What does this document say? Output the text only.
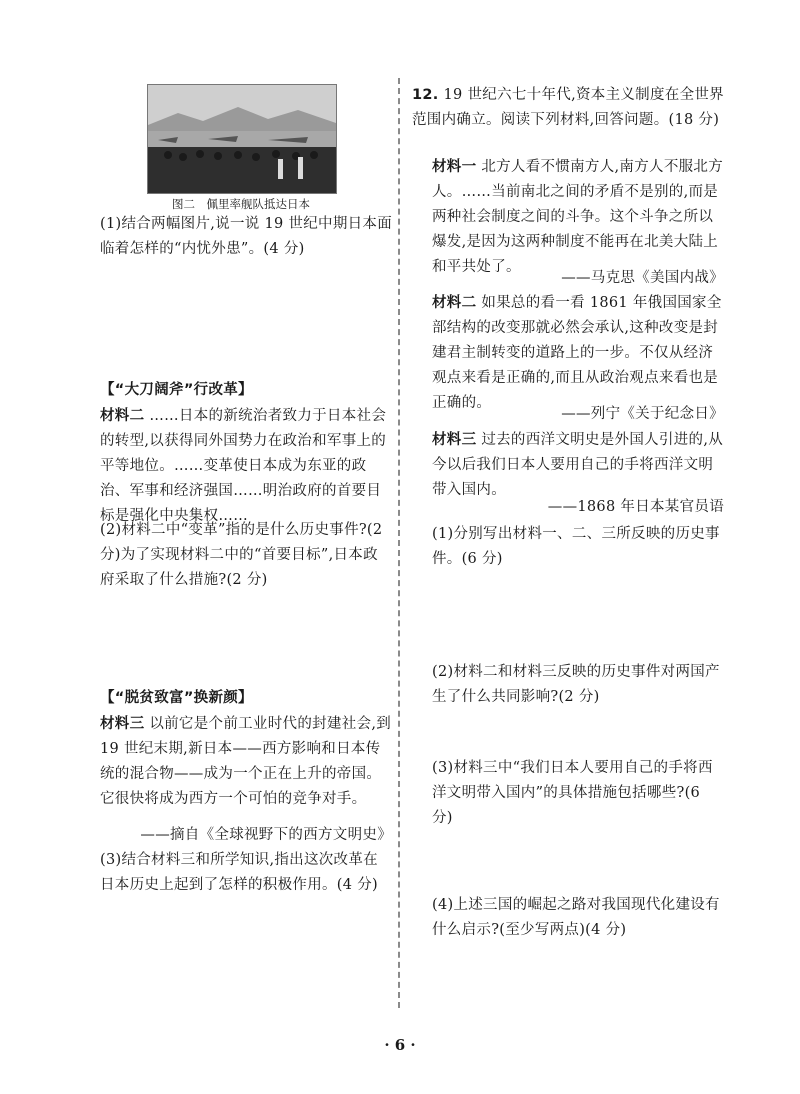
图二　佩里率舰队抵达日本
(1)结合两幅图片,说一说 19 世纪中期日本面临着怎样的“内忧外患”。(4 分)
【“大刀阔斧”行改革】
材料二 ……日本的新统治者致力于日本社会的转型,以获得同外国势力在政治和军事上的平等地位。……变革使日本成为东亚的政治、军事和经济强国……明治政府的首要目标是强化中央集权……
(2)材料二中“变革”指的是什么历史事件?(2 分)为了实现材料二中的“首要目标”,日本政府采取了什么措施?(2 分)
【“脱贫致富”换新颜】
材料三 以前它是个前工业时代的封建社会,到 19 世纪末期,新日本——西方影响和日本传统的混合物——成为一个正在上升的帝国。它很快将成为西方一个可怕的竞争对手。
——摘自《全球视野下的西方文明史》
(3)结合材料三和所学知识,指出这次改革在日本历史上起到了怎样的积极作用。(4 分)
12. 19 世纪六七十年代,资本主义制度在全世界范围内确立。阅读下列材料,回答问题。(18 分)
材料一 北方人看不惯南方人,南方人不服北方人。……当前南北之间的矛盾不是别的,而是两种社会制度之间的斗争。这个斗争之所以爆发,是因为这两种制度不能再在北美大陆上和平共处了。
——马克思《美国内战》
材料二 如果总的看一看 1861 年俄国国家全部结构的改变那就必然会承认,这种改变是封建君主制转变的道路上的一步。不仅从经济观点来看是正确的,而且从政治观点来看也是正确的。
——列宁《关于纪念日》
材料三 过去的西洋文明史是外国人引进的,从今以后我们日本人要用自己的手将西洋文明带入国内。
——1868 年日本某官员语
(1)分别写出材料一、二、三所反映的历史事件。(6 分)
(2)材料二和材料三反映的历史事件对两国产生了什么共同影响?(2 分)
(3)材料三中“我们日本人要用自己的手将西洋文明带入国内”的具体措施包括哪些?(6 分)
(4)上述三国的崛起之路对我国现代化建设有什么启示?(至少写两点)(4 分)
· 6 ·
